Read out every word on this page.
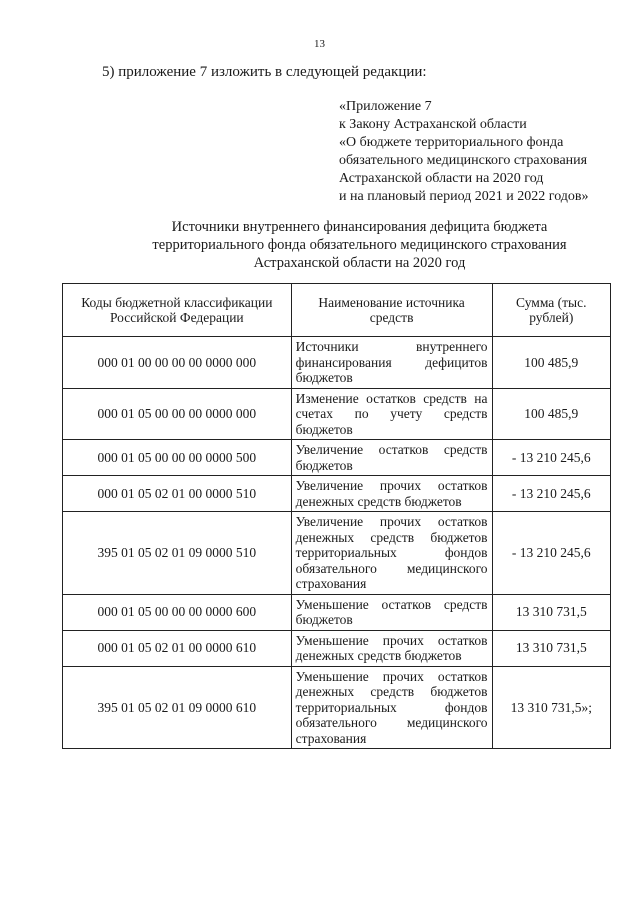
13
5) приложение 7 изложить в следующей редакции:
«Приложение 7
к Закону Астраханской области
«О бюджете территориального фонда
обязательного медицинского страхования
Астраханской области на 2020 год
и на плановый период 2021 и 2022 годов»
Источники внутреннего финансирования дефицита бюджета
территориального фонда обязательного медицинского страхования
Астраханской области на 2020 год
Коды бюджетной классификации Российской Федерации	Наименование источника средств	Сумма (тыс. рублей)
000 01 00 00 00 00 0000 000	Источники внутреннего финансирования дефицитов бюджетов	100 485,9
000 01 05 00 00 00 0000 000	Изменение остатков средств на счетах по учету средств бюджетов	100 485,9
000 01 05 00 00 00 0000 500	Увеличение остатков средств бюджетов	- 13 210 245,6
000 01 05 02 01 00 0000 510	Увеличение прочих остатков денежных средств бюджетов	- 13 210 245,6
395 01 05 02 01 09 0000 510	Увеличение прочих остатков денежных средств бюджетов территориальных фондов обязательного медицинского страхования	- 13 210 245,6
000 01 05 00 00 00 0000 600	Уменьшение остатков средств бюджетов	13 310 731,5
000 01 05 02 01 00 0000 610	Уменьшение прочих остатков денежных средств бюджетов	13 310 731,5
395 01 05 02 01 09 0000 610	Уменьшение прочих остатков денежных средств бюджетов территориальных фондов обязательного медицинского страхования	13 310 731,5»;
